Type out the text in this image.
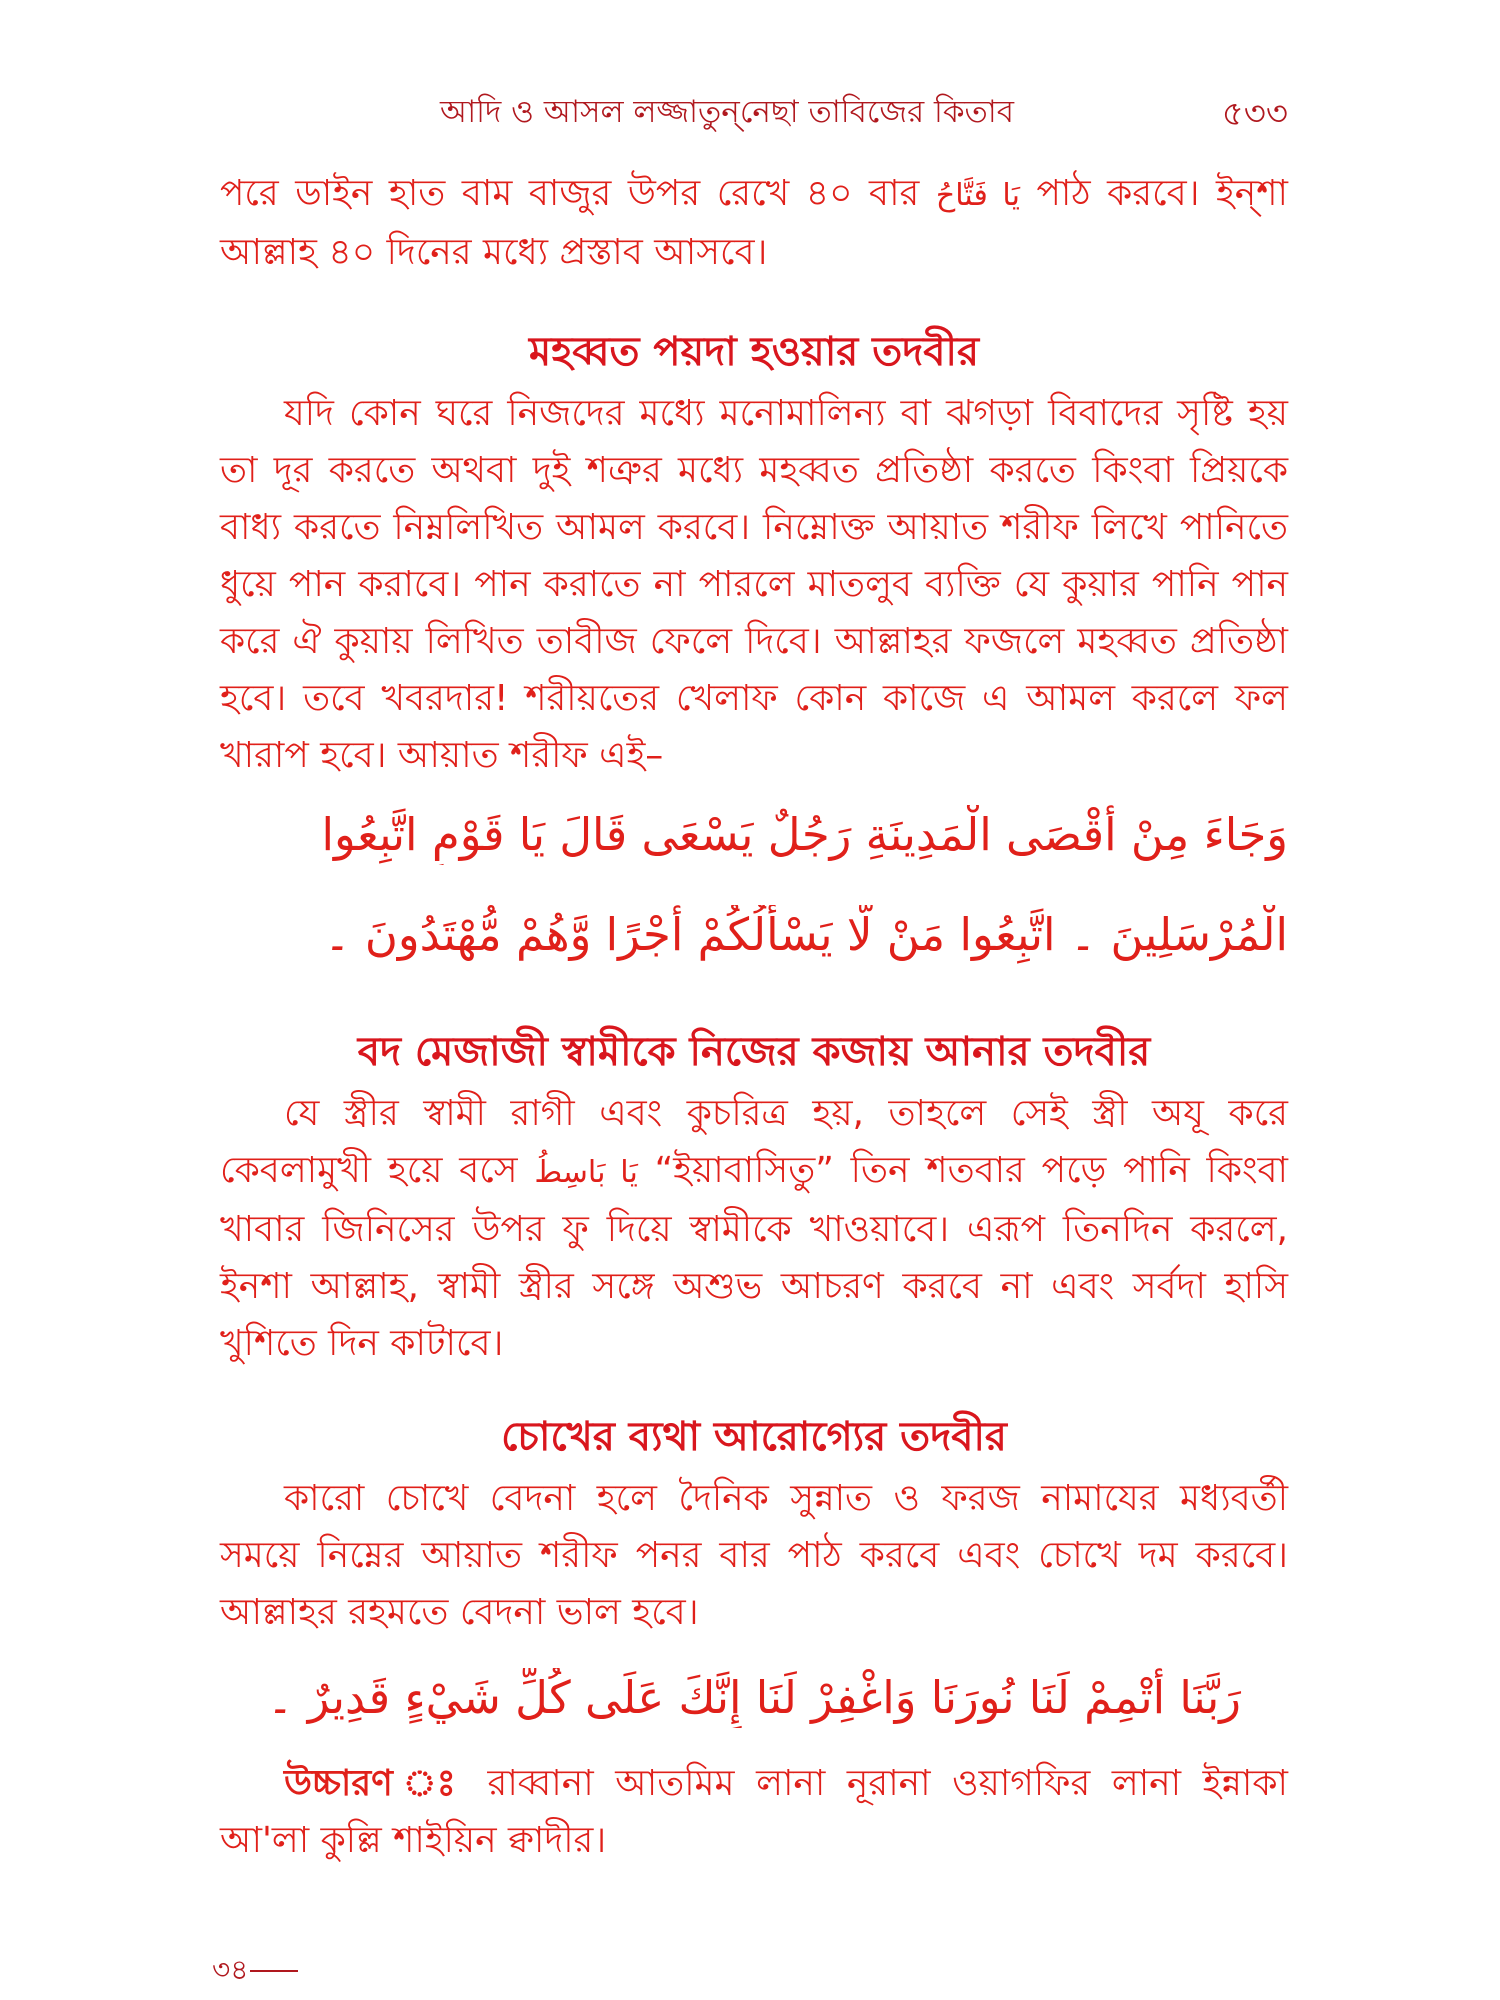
আদি ও আসল লজ্জাতুন্‌নেছা তাবিজের কিতাব	৫৩৩

পরে ডাইন হাত বাম বাজুর উপর রেখে ৪০ বার يَا فَتَّاحُ পাঠ করবে। ইন্‌শা আল্লাহ ৪০ দিনের মধ্যে প্রস্তাব আসবে।

মহব্বত পয়দা হওয়ার তদবীর

যদি কোন ঘরে নিজদের মধ্যে মনোমালিন্য বা ঝগড়া বিবাদের সৃষ্টি হয় তা দূর করতে অথবা দুই শত্রুর মধ্যে মহব্বত প্রতিষ্ঠা করতে কিংবা প্রিয়কে বাধ্য করতে নিম্নলিখিত আমল করবে। নিম্নোক্ত আয়াত শরীফ লিখে পানিতে ধুয়ে পান করাবে। পান করাতে না পারলে মাতলুব ব্যক্তি যে কুয়ার পানি পান করে ঐ কুয়ায় লিখিত তাবীজ ফেলে দিবে। আল্লাহর ফজলে মহব্বত প্রতিষ্ঠা হবে। তবে খবরদার! শরীয়তের খেলাফ কোন কাজে এ আমল করলে ফল খারাপ হবে। আয়াত শরীফ এই–

وَجَاءَ مِنْ أَقْصَى الْمَدِينَةِ رَجُلٌ يَسْعَى قَالَ يَا قَوْمِ اتَّبِعُوا
الْمُرْسَلِينَ ۔ اتَّبِعُوا مَنْ لَّا يَسْأَلُكُمْ أَجْرًا وَّهُمْ مُّهْتَدُونَ ۔
বদ মেজাজী স্বামীকে নিজের কজায় আনার তদবীর

যে স্ত্রীর স্বামী রাগী এবং কুচরিত্র হয়, তাহলে সেই স্ত্রী অযূ করে কেবলামুখী হয়ে বসে يَا بَاسِطُ “ইয়াবাসিতু” তিন শতবার পড়ে পানি কিংবা খাবার জিনিসের উপর ফু দিয়ে স্বামীকে খাওয়াবে। এরূপ তিনদিন করলে, ইনশা আল্লাহ, স্বামী স্ত্রীর সঙ্গে অশুভ আচরণ করবে না এবং সর্বদা হাসি খুশিতে দিন কাটাবে।

চোখের ব্যথা আরোগ্যের তদবীর

কারো চোখে বেদনা হলে দৈনিক সুন্নাত ও ফরজ নামাযের মধ্যবর্তী সময়ে নিম্নের আয়াত শরীফ পনর বার পাঠ করবে এবং চোখে দম করবে। আল্লাহর রহমতে বেদনা ভাল হবে।

رَبَّنَا أَتْمِمْ لَنَا نُورَنَا وَاغْفِرْ لَنَا إِنَّكَ عَلَى كُلِّ شَيْءٍ قَدِيرٌ ۔

উচ্চারণ ঃ রাব্বানা আতমিম লানা নূরানা ওয়াগফির লানা ইন্নাকা আ'লা কুল্লি শাইয়িন ক্বাদীর।

৩৪
